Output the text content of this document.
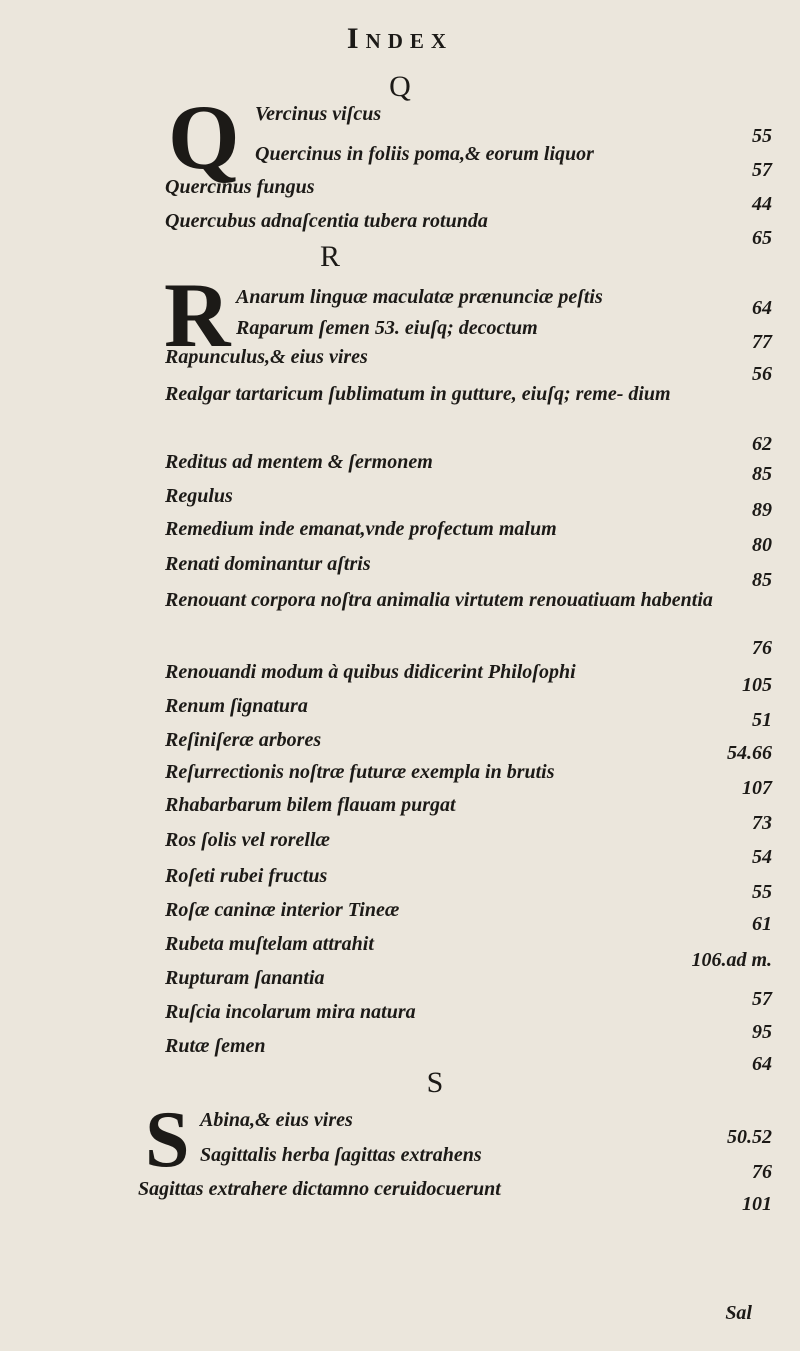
Index
Q
Q Vercinus viſcus
55
Quercinus in foliis poma,& eorum liquor
57
Quercinus fungus
44
Quercubus adnaſcentia tubera rotunda
65
R
R Anarum linguæ maculatæ prænunciæ peſtis	64
Raparum ſemen 53. eiuſq; decoctum
77
Rapunculus,& eius vires
56
Realgar tartaricum ſublimatum in gutture, eiuſq; reme- dium
62
Reditus ad mentem & ſermonem
85
Regulus
89
Remedium inde emanat,vnde profectum malum
80
Renati dominantur aſtris
85
Renouant corpora noſtra animalia virtutem renouatiuam habentia
76
Renouandi modum à quibus didicerint Philoſophi
105
Renum ſignatura
51
Reſiniſeræ arbores
54.66
Reſurrectionis noſtræ futuræ exempla in brutis
107
Rhabarbarum bilem flauam purgat
73
Ros ſolis vel rorellæ
54
Roſeti rubei fructus
55
Roſæ caninæ interior Tineæ
61
Rubeta muſtelam attrahit
106.ad m.
Rupturam ſanantia
57
Ruſcia incolarum mira natura
95
Rutæ ſemen
64
S
S Abina,& eius vires
50.52
Sagittalis herba ſagittas extrahens
76
Sagittas extrahere dictamno ceruidocuerunt
101
Sal
